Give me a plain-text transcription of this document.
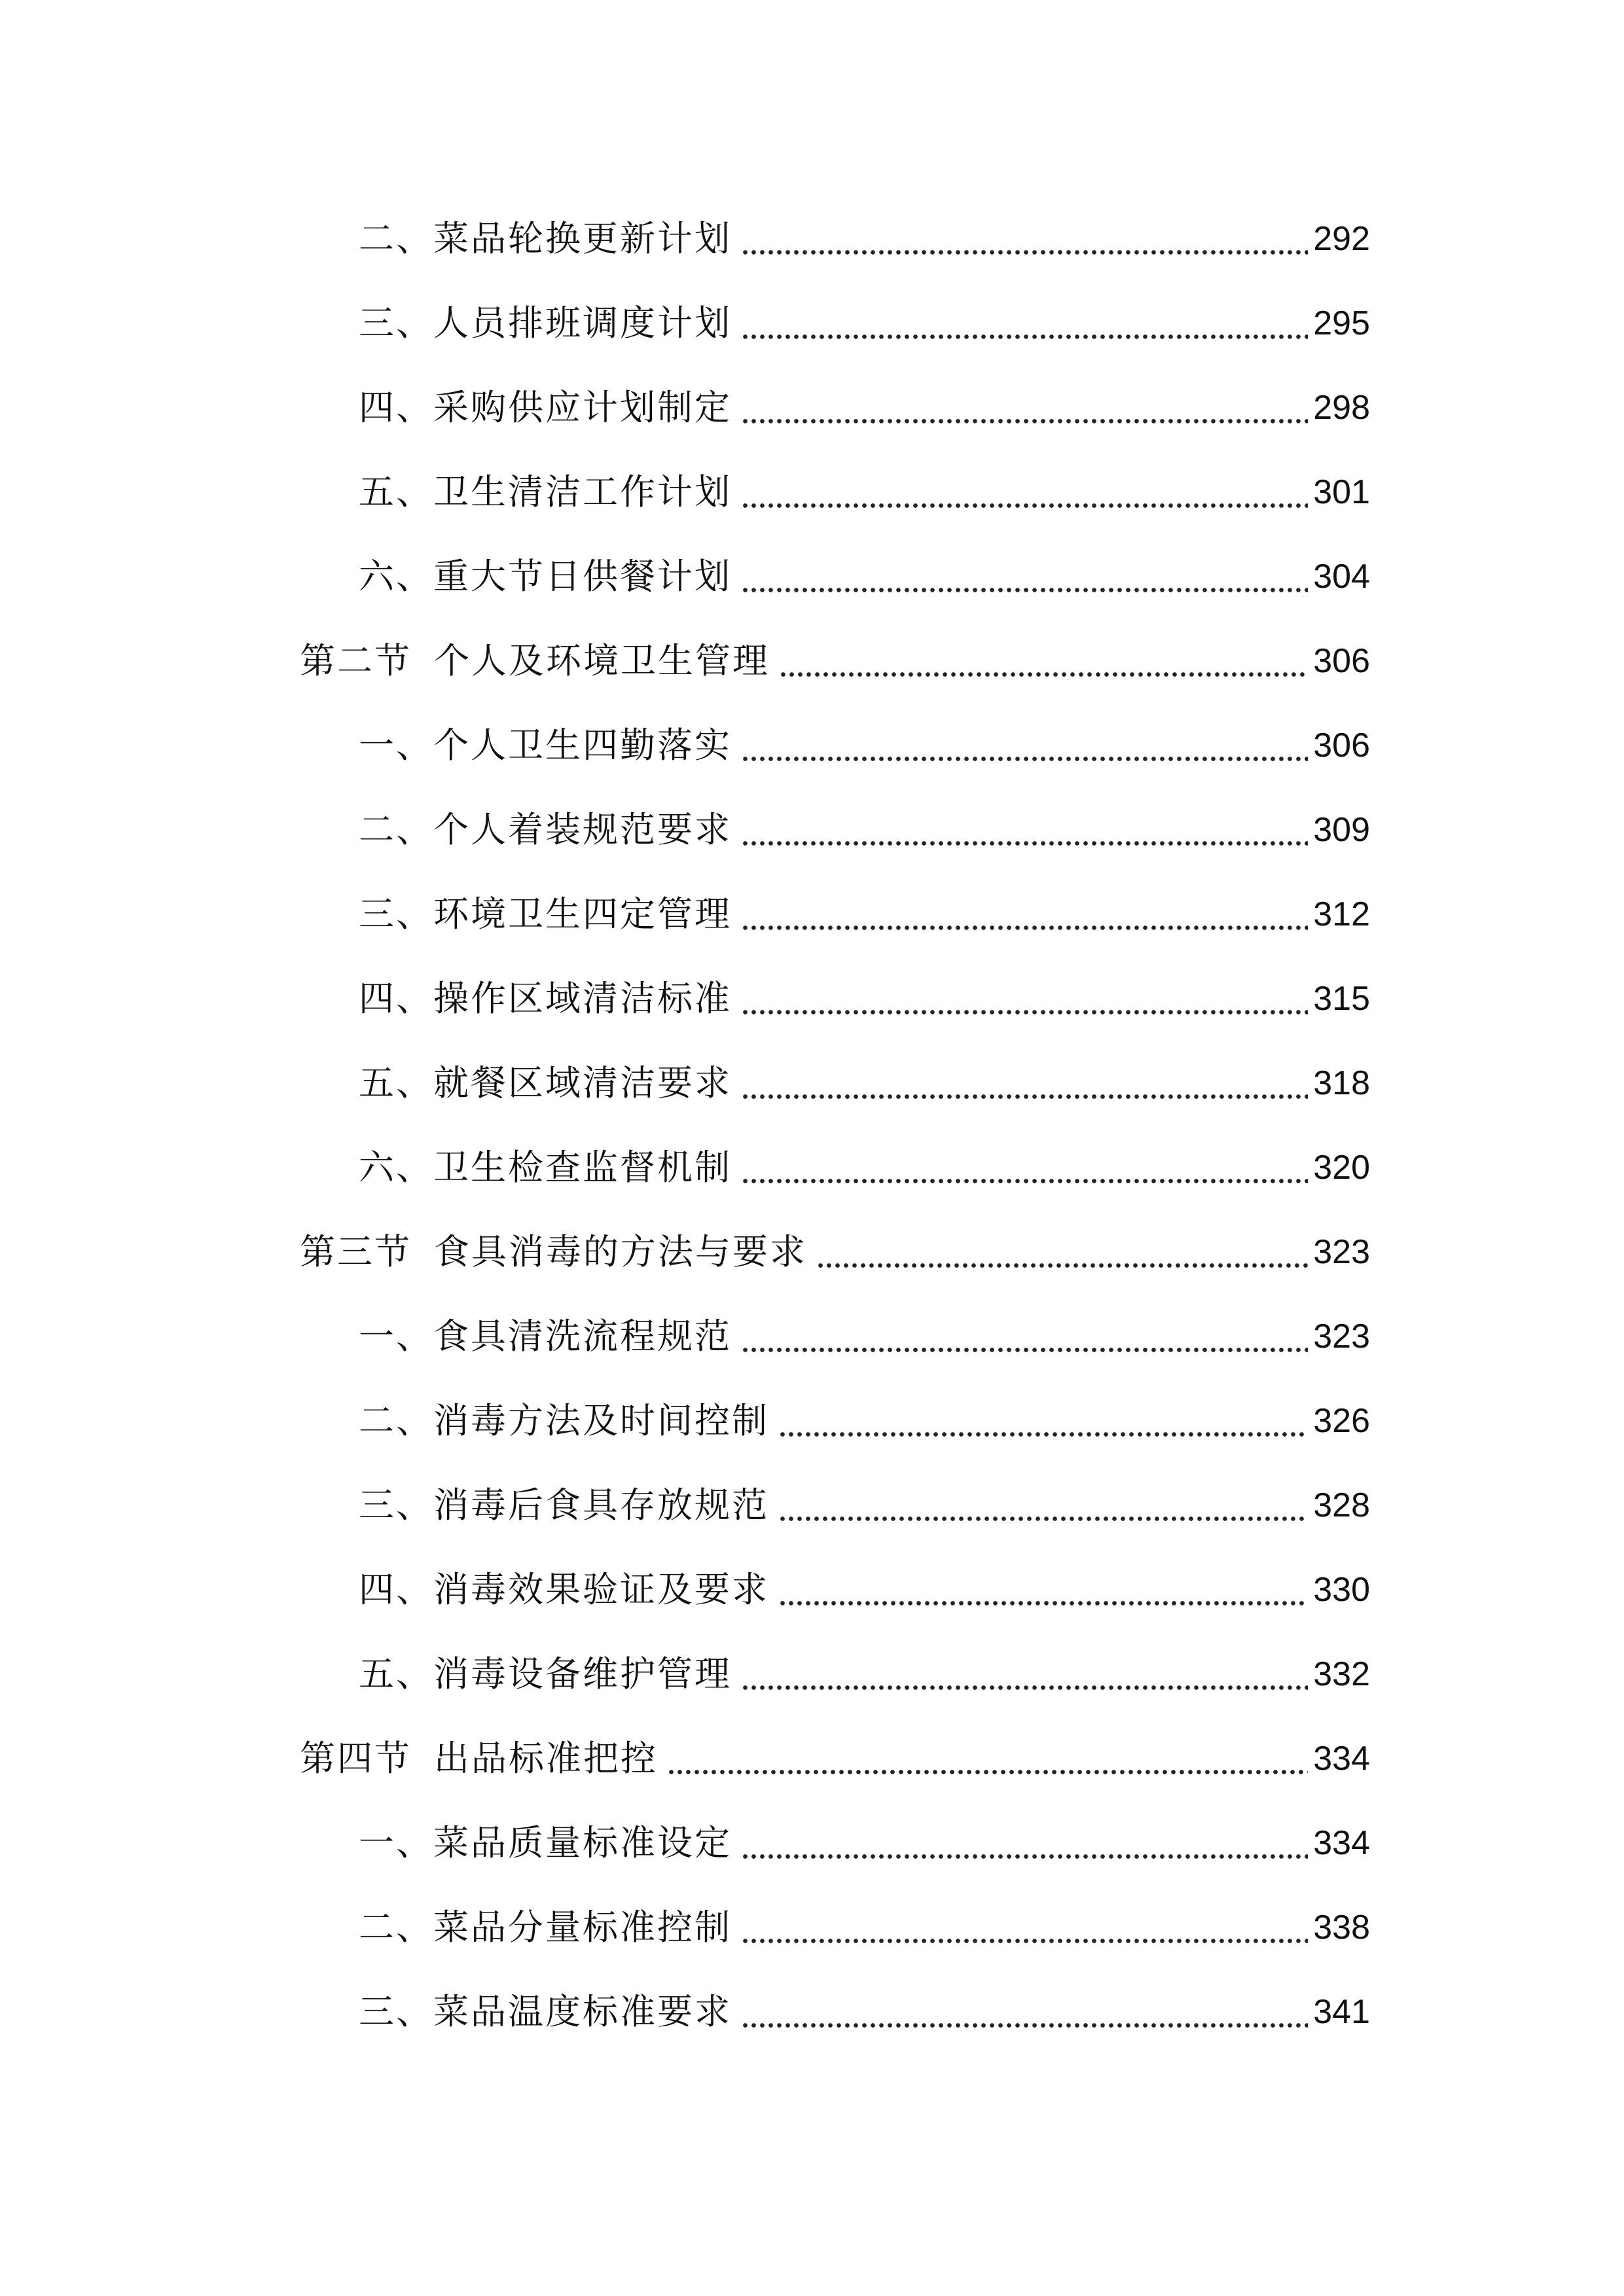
二、菜品轮换更新计划	292
三、人员排班调度计划	295
四、采购供应计划制定	298
五、卫生清洁工作计划	301
六、重大节日供餐计划	304
第二节 个人及环境卫生管理	306
一、个人卫生四勤落实	306
二、个人着装规范要求	309
三、环境卫生四定管理	312
四、操作区域清洁标准	315
五、就餐区域清洁要求	318
六、卫生检查监督机制	320
第三节 食具消毒的方法与要求	323
一、食具清洗流程规范	323
二、消毒方法及时间控制	326
三、消毒后食具存放规范	328
四、消毒效果验证及要求	330
五、消毒设备维护管理	332
第四节 出品标准把控	334
一、菜品质量标准设定	334
二、菜品分量标准控制	338
三、菜品温度标准要求	341
